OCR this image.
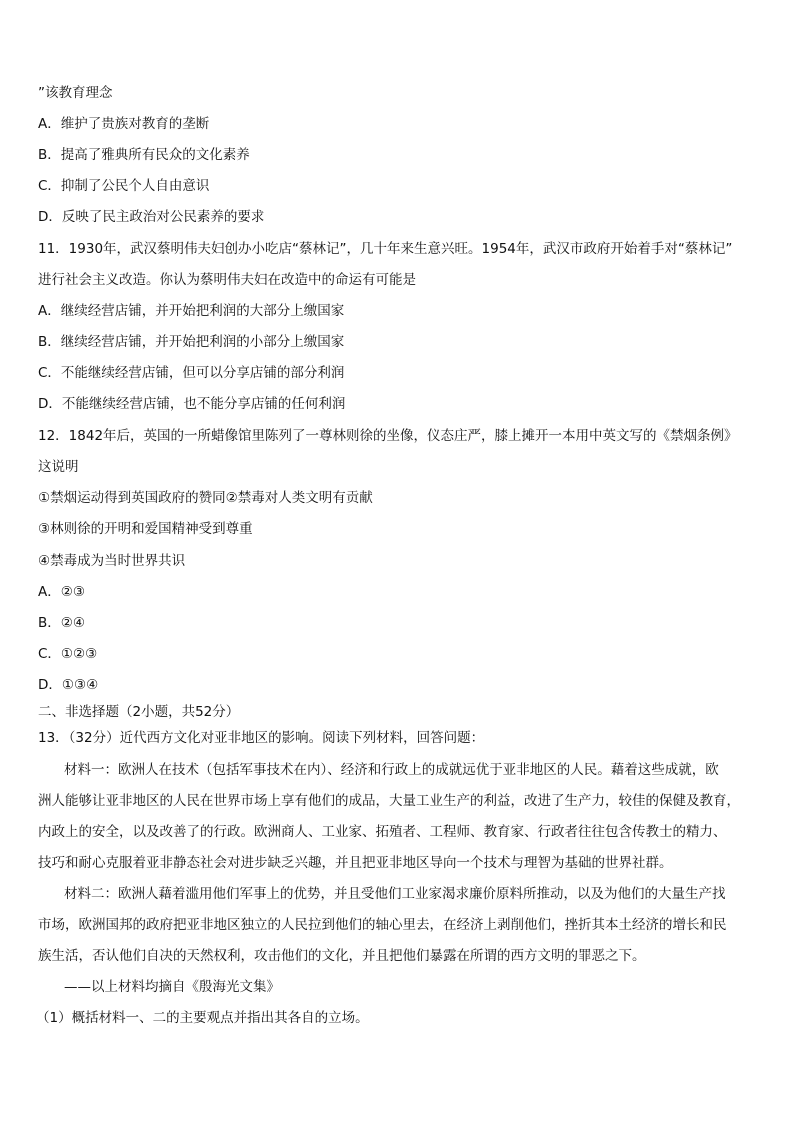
”该教育理念
A．维护了贵族对教育的垄断
B．提高了雅典所有民众的文化素养
C．抑制了公民个人自由意识
D．反映了民主政治对公民素养的要求
11．1930年，武汉蔡明伟夫妇创办小吃店“蔡林记”，几十年来生意兴旺。1954年，武汉市政府开始着手对“蔡林记”
进行社会主义改造。你认为蔡明伟夫妇在改造中的命运有可能是
A．继续经营店铺，并开始把利润的大部分上缴国家
B．继续经营店铺，并开始把利润的小部分上缴国家
C．不能继续经营店铺，但可以分享店铺的部分利润
D．不能继续经营店铺，也不能分享店铺的任何利润
12．1842年后，英国的一所蜡像馆里陈列了一尊林则徐的坐像，仪态庄严，膝上摊开一本用中英文写的《禁烟条例》
这说明
①禁烟运动得到英国政府的赞同②禁毒对人类文明有贡献
③林则徐的开明和爱国精神受到尊重
④禁毒成为当时世界共识
A．②③
B．②④
C．①②③
D．①③④
二、非选择题（2小题，共52分）
13．（32分）近代西方文化对亚非地区的影响。阅读下列材料，回答问题：
材料一：欧洲人在技术（包括军事技术在内）、经济和行政上的成就远优于亚非地区的人民。藉着这些成就，欧
洲人能够让亚非地区的人民在世界市场上享有他们的成品，大量工业生产的利益，改进了生产力，较佳的保健及教育，
内政上的安全，以及改善了的行政。欧洲商人、工业家、拓殖者、工程师、教育家、行政者往往包含传教士的精力、
技巧和耐心克服着亚非静态社会对进步缺乏兴趣，并且把亚非地区导向一个技术与理智为基础的世界社群。
材料二：欧洲人藉着滥用他们军事上的优势，并且受他们工业家渴求廉价原料所推动，以及为他们的大量生产找
市场，欧洲国邦的政府把亚非地区独立的人民拉到他们的轴心里去，在经济上剥削他们，挫折其本土经济的增长和民
族生活，否认他们自决的天然权利，攻击他们的文化，并且把他们暴露在所谓的西方文明的罪恶之下。
——以上材料均摘自《殷海光文集》
（1）概括材料一、二的主要观点并指出其各自的立场。
